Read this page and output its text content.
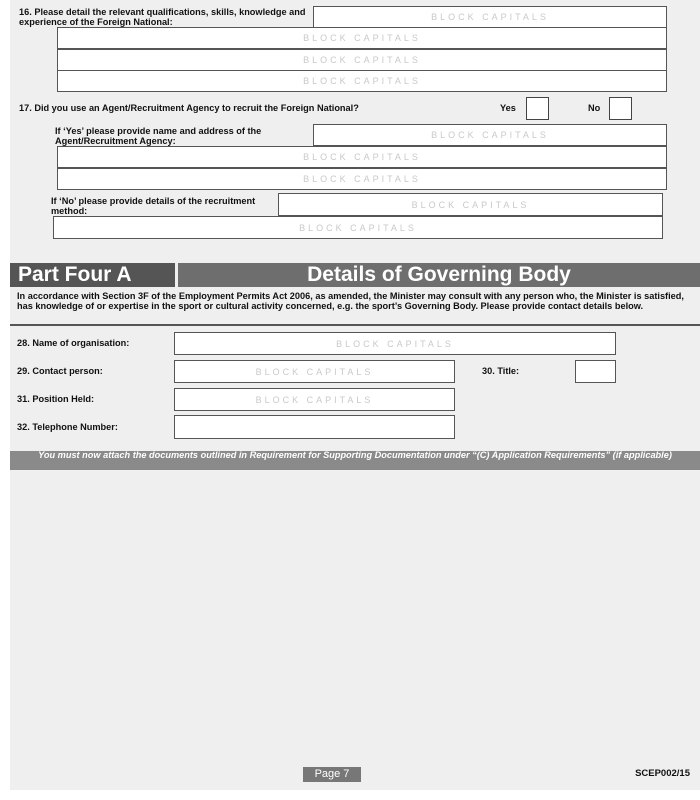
16. Please detail the relevant qualifications, skills, knowledge and experience of the Foreign National:	BLOCK CAPITALS
BLOCK CAPITALS
BLOCK CAPITALS
BLOCK CAPITALS
17. Did you use an Agent/Recruitment Agency to recruit the Foreign National?	Yes	No
If ‘Yes’ please provide name and address of the Agent/Recruitment Agency:
BLOCK CAPITALS
BLOCK CAPITALS
BLOCK CAPITALS
If ‘No’ please provide details of the recruitment method:
BLOCK CAPITALS
BLOCK CAPITALS
Part Four A	Details of Governing Body
In accordance with Section 3F of the Employment Permits Act 2006, as amended, the Minister may consult with any person who, the Minister is satisfied, has knowledge of or expertise in the sport or cultural activity concerned, e.g. the sport’s Governing Body. Please provide contact details below.
28. Name of organisation:	BLOCK CAPITALS
29. Contact person:	BLOCK CAPITALS	30. Title:
31. Position Held:	BLOCK CAPITALS
32. Telephone Number:
You must now attach the documents outlined in Requirement for Supporting Documentation under “(C) Application Requirements” (if applicable)
Page 7	SCEP002/15
